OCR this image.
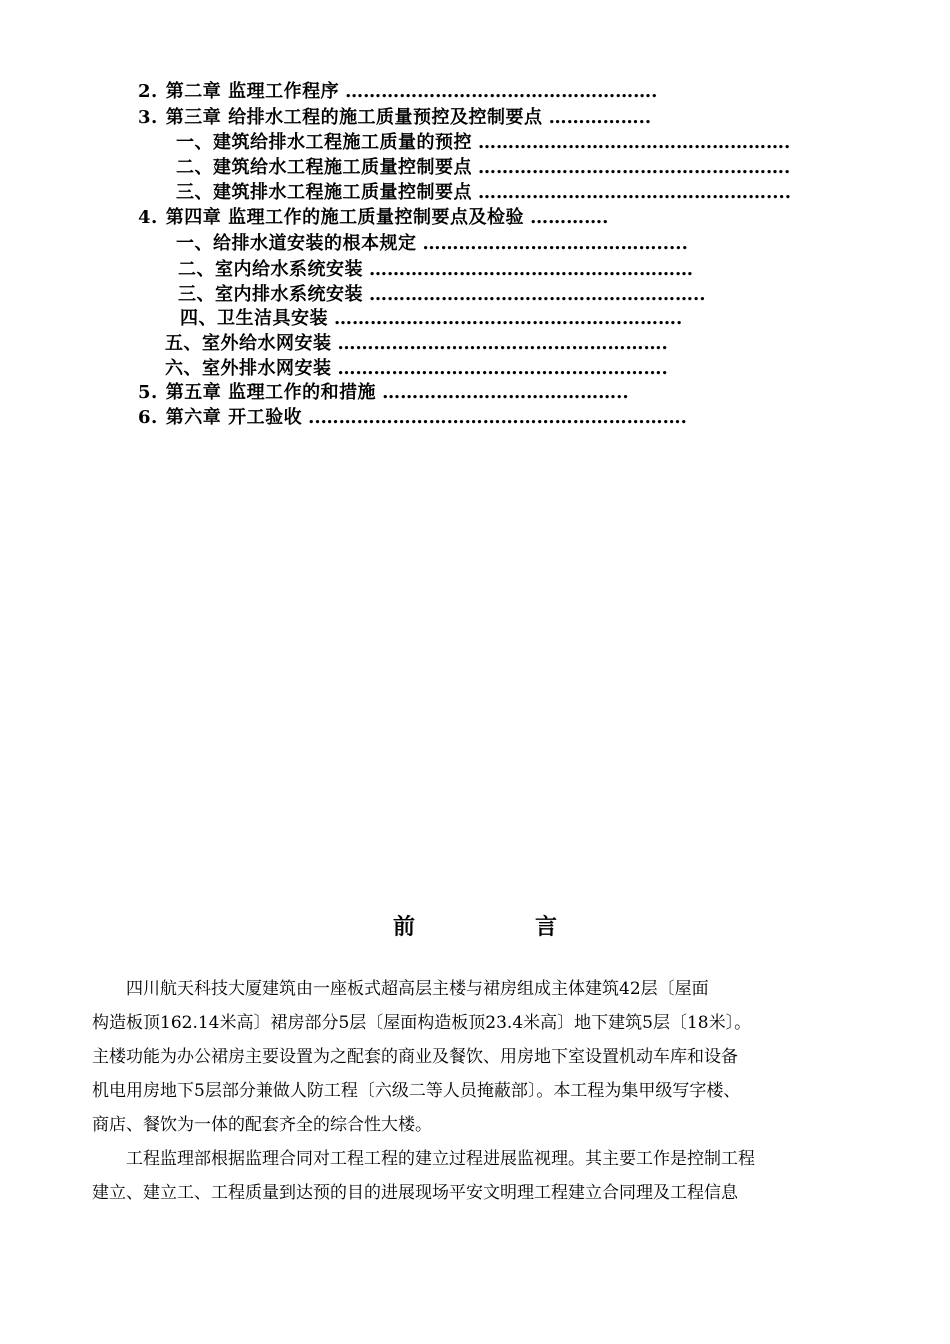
2. 第二章 监理工作程序 …………………………………………….
3. 第三章 给排水工程的施工质量预控及控制要点 ……………..
一、建筑给排水工程施工质量的预控 …………………………………………….
二、建筑给水工程施工质量控制要点 …………………………………………….
三、建筑排水工程施工质量控制要点 …………………………………………....
4. 第四章 监理工作的施工质量控制要点及检验 ………….
一、给排水道安装的根本规定 ………………………………….....
二、室内给水系统安装 ………………………………………………
三、室内排水系统安装 ………………………………………………..
四、卫生洁具安装 ………………………………………………….
五、室外给水网安装 ……………………………………………….
六、室外排水网安装 ……………………………………………….
5. 第五章 监理工作的和措施 …………………………………..
6. 第六章 开工验收 ..…………………………………………………….
前	言
　　四川航天科技大厦建筑由一座板式超高层主楼与裙房组成主体建筑42层〔屋面
构造板顶162.14米高〕裙房部分5层〔屋面构造板顶23.4米高〕地下建筑5层〔18米〕。
主楼功能为办公裙房主要设置为之配套的商业及餐饮、用房地下室设置机动车库和设备
机电用房地下5层部分兼做人防工程〔六级二等人员掩蔽部〕。本工程为集甲级写字楼、
商店、餐饮为一体的配套齐全的综合性大楼。
　　工程监理部根据监理合同对工程工程的建立过程进展监视理。其主要工作是控制工程
建立、建立工、工程质量到达预的目的进展现场平安文明理工程建立合同理及工程信息
